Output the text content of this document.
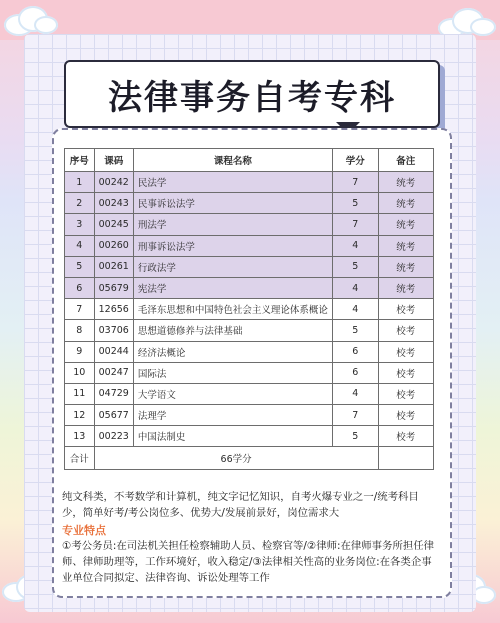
法律事务自考专科
序号	课码	课程名称	学分	备注
1	00242	民法学	7	统考
2	00243	民事诉讼法学	5	统考
3	00245	刑法学	7	统考
4	00260	刑事诉讼法学	4	统考
5	00261	行政法学	5	统考
6	05679	宪法学	4	统考
7	12656	毛泽东思想和中国特色社会主义理论体系概论	4	校考
8	03706	思想道德修养与法律基础	5	校考
9	00244	经济法概论	6	校考
10	00247	国际法	6	校考
11	04729	大学语文	4	校考
12	05677	法理学	7	校考
13	00223	中国法制史	5	校考
合计	66学分			
纯文科类，不考数学和计算机，纯文字记忆知识，自考火爆专业之一/统考科目少，简单好考/考公岗位多、优势大/发展前景好，岗位需求大
专业特点
①考公务员:在司法机关担任检察辅助人员、检察官等/②律师:在律师事务所担任律师、律师助理等，工作环境好，收入稳定/③法律相关性高的业务岗位:在各类企事业单位合同拟定、法律咨询、诉讼处理等工作
